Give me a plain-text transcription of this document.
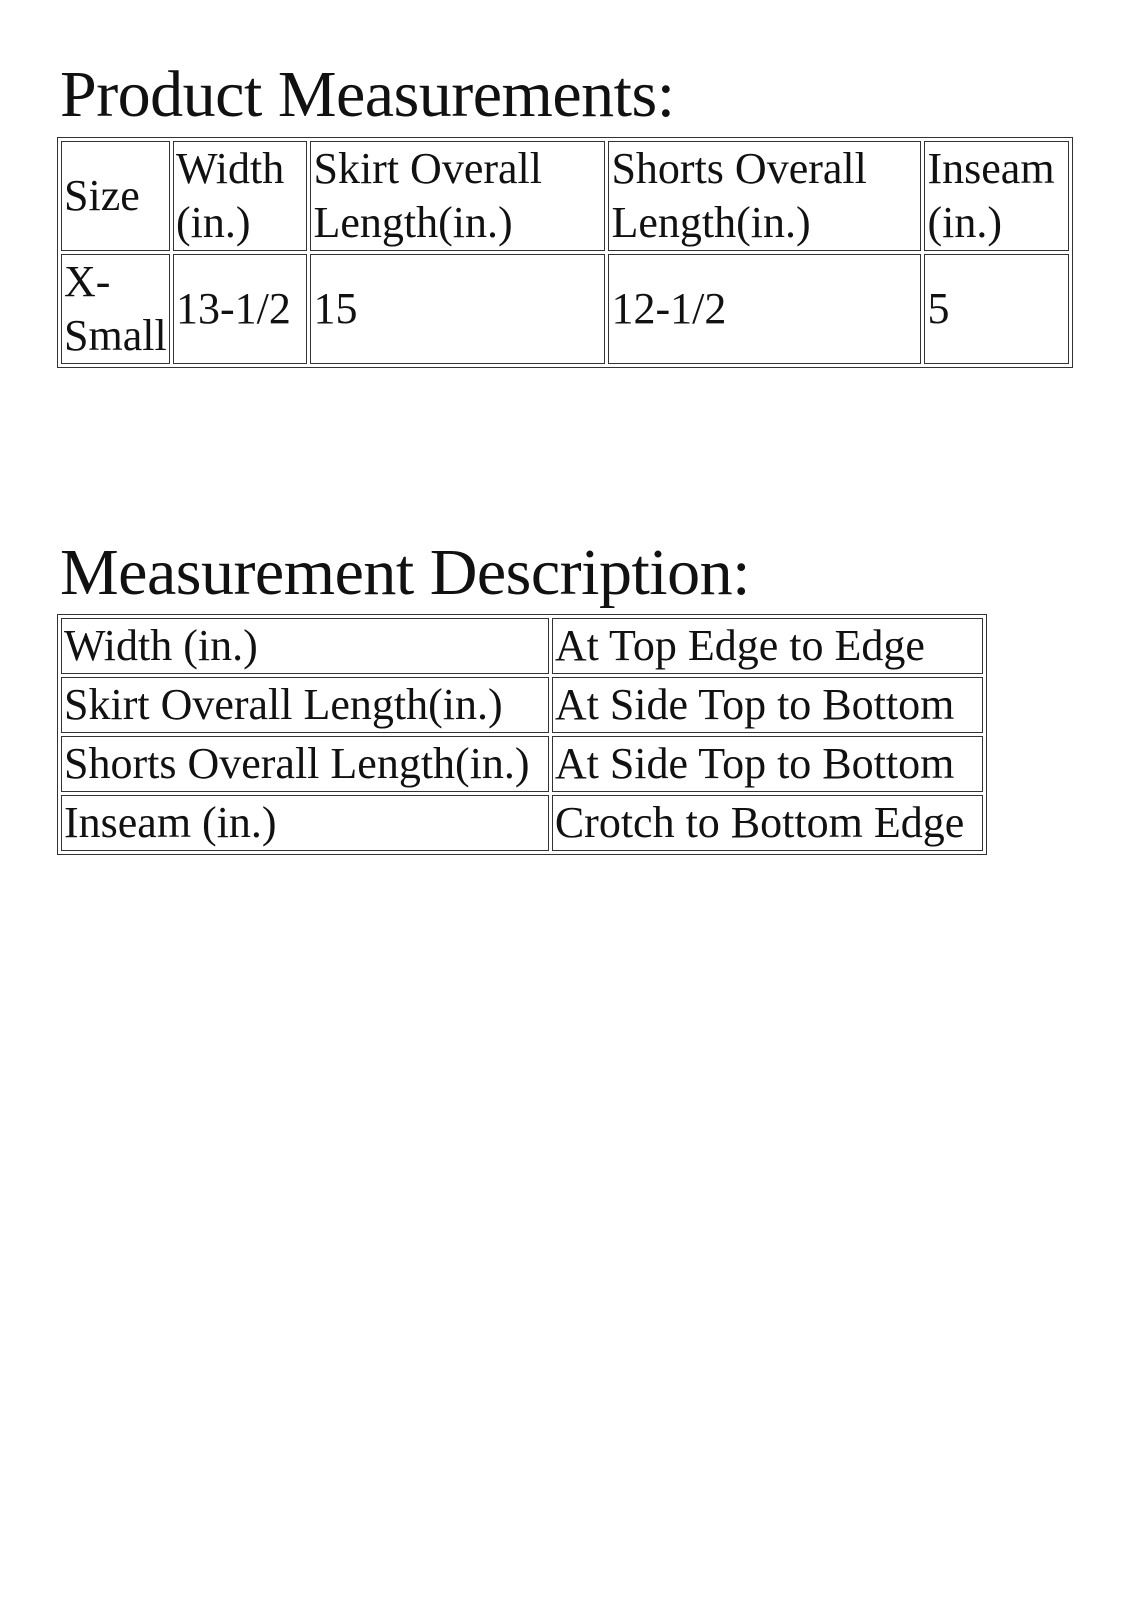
Product Measurements:
Size	Width (in.)	Skirt Overall Length(in.)	Shorts Overall Length(in.)	Inseam (in.)
X-Small	13-1/2	15	12-1/2	5
Measurement Description:
Width (in.)	At Top Edge to Edge
Skirt Overall Length(in.)	At Side Top to Bottom
Shorts Overall Length(in.)	At Side Top to Bottom
Inseam (in.)	Crotch to Bottom Edge
